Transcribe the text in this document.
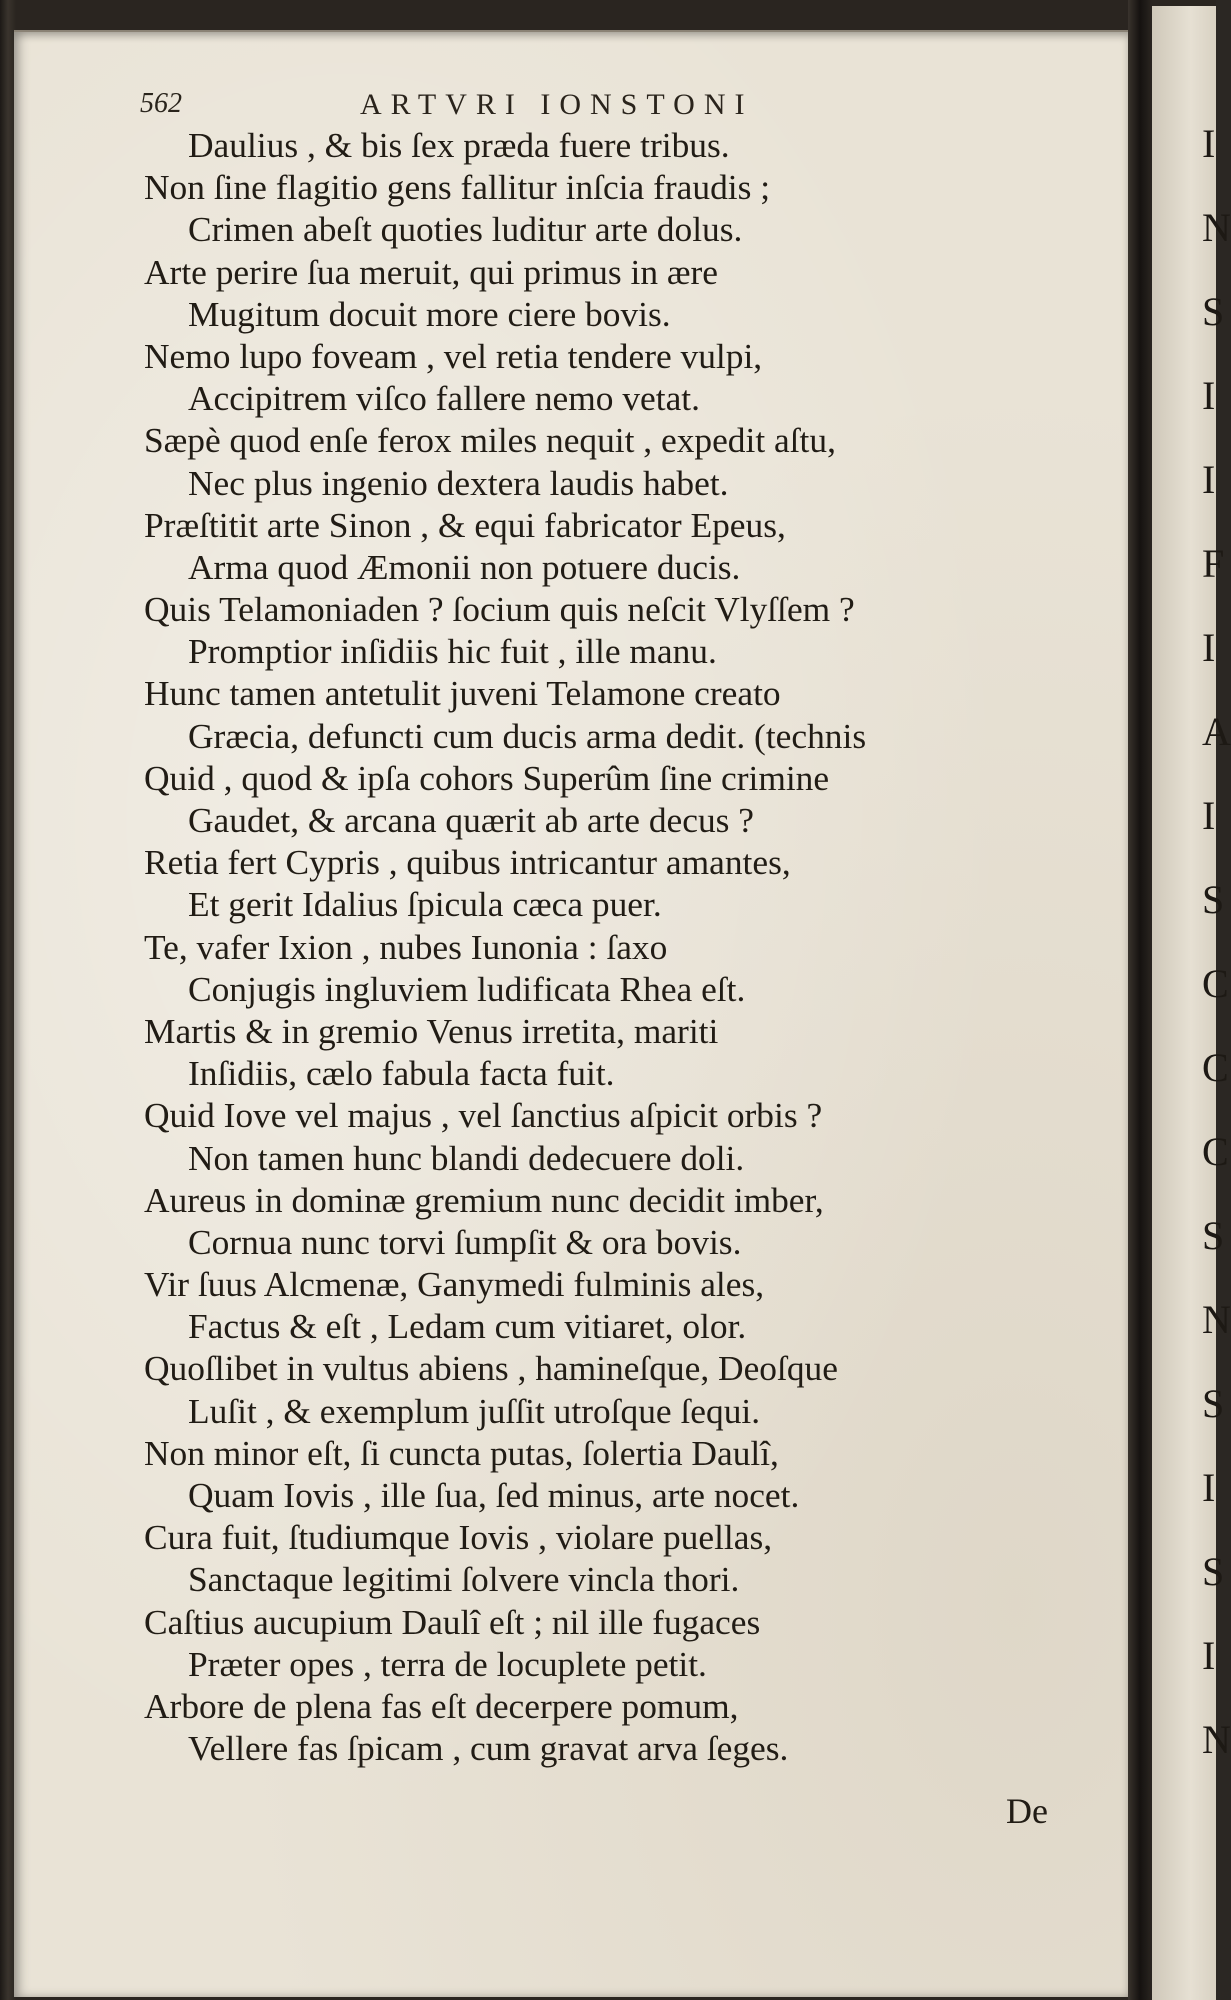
I
N
S
I
I
F
I
A
I
S
C
C
C
S
N
S
I
S
I
N
562	ARTVRI IONSTONI
Daulius , & bis ſex præda fuere tribus.
Non ſine flagitio gens fallitur inſcia fraudis ;
Crimen abeſt quoties luditur arte dolus.
Arte perire ſua meruit, qui primus in ære
Mugitum docuit more ciere bovis.
Nemo lupo foveam , vel retia tendere vulpi,
Accipitrem viſco fallere nemo vetat.
Sæpè quod enſe ferox miles nequit , expedit aſtu,
Nec plus ingenio dextera laudis habet.
Præſtitit arte Sinon , & equi fabricator Epeus,
Arma quod Æmonii non potuere ducis.
Quis Telamoniaden ? ſocium quis neſcit Vlyſſem ?
Promptior inſidiis hic fuit , ille manu.
Hunc tamen antetulit juveni Telamone creato
Græcia, defuncti cum ducis arma dedit. (technis
Quid , quod & ipſa cohors Superûm ſine crimine
Gaudet, & arcana quærit ab arte decus ?
Retia fert Cypris , quibus intricantur amantes,
Et gerit Idalius ſpicula cæca puer.
Te, vafer Ixion , nubes Iunonia : ſaxo
Conjugis ingluviem ludificata Rhea eſt.
Martis & in gremio Venus irretita, mariti
Inſidiis, cælo fabula facta fuit.
Quid Iove vel majus , vel ſanctius aſpicit orbis ?
Non tamen hunc blandi dedecuere doli.
Aureus in dominæ gremium nunc decidit imber,
Cornua nunc torvi ſumpſit & ora bovis.
Vir ſuus Alcmenæ, Ganymedi fulminis ales,
Factus & eſt , Ledam cum vitiaret, olor.
Quoſlibet in vultus abiens , hamineſque, Deoſque
Luſit , & exemplum juſſit utroſque ſequi.
Non minor eſt, ſi cuncta putas, ſolertia Daulî,
Quam Iovis , ille ſua, ſed minus, arte nocet.
Cura fuit, ſtudiumque Iovis , violare puellas,
Sanctaque legitimi ſolvere vincla thori.
Caſtius aucupium Daulî eſt ; nil ille fugaces
Præter opes , terra de locuplete petit.
Arbore de plena fas eſt decerpere pomum,
Vellere fas ſpicam , cum gravat arva ſeges.
De
